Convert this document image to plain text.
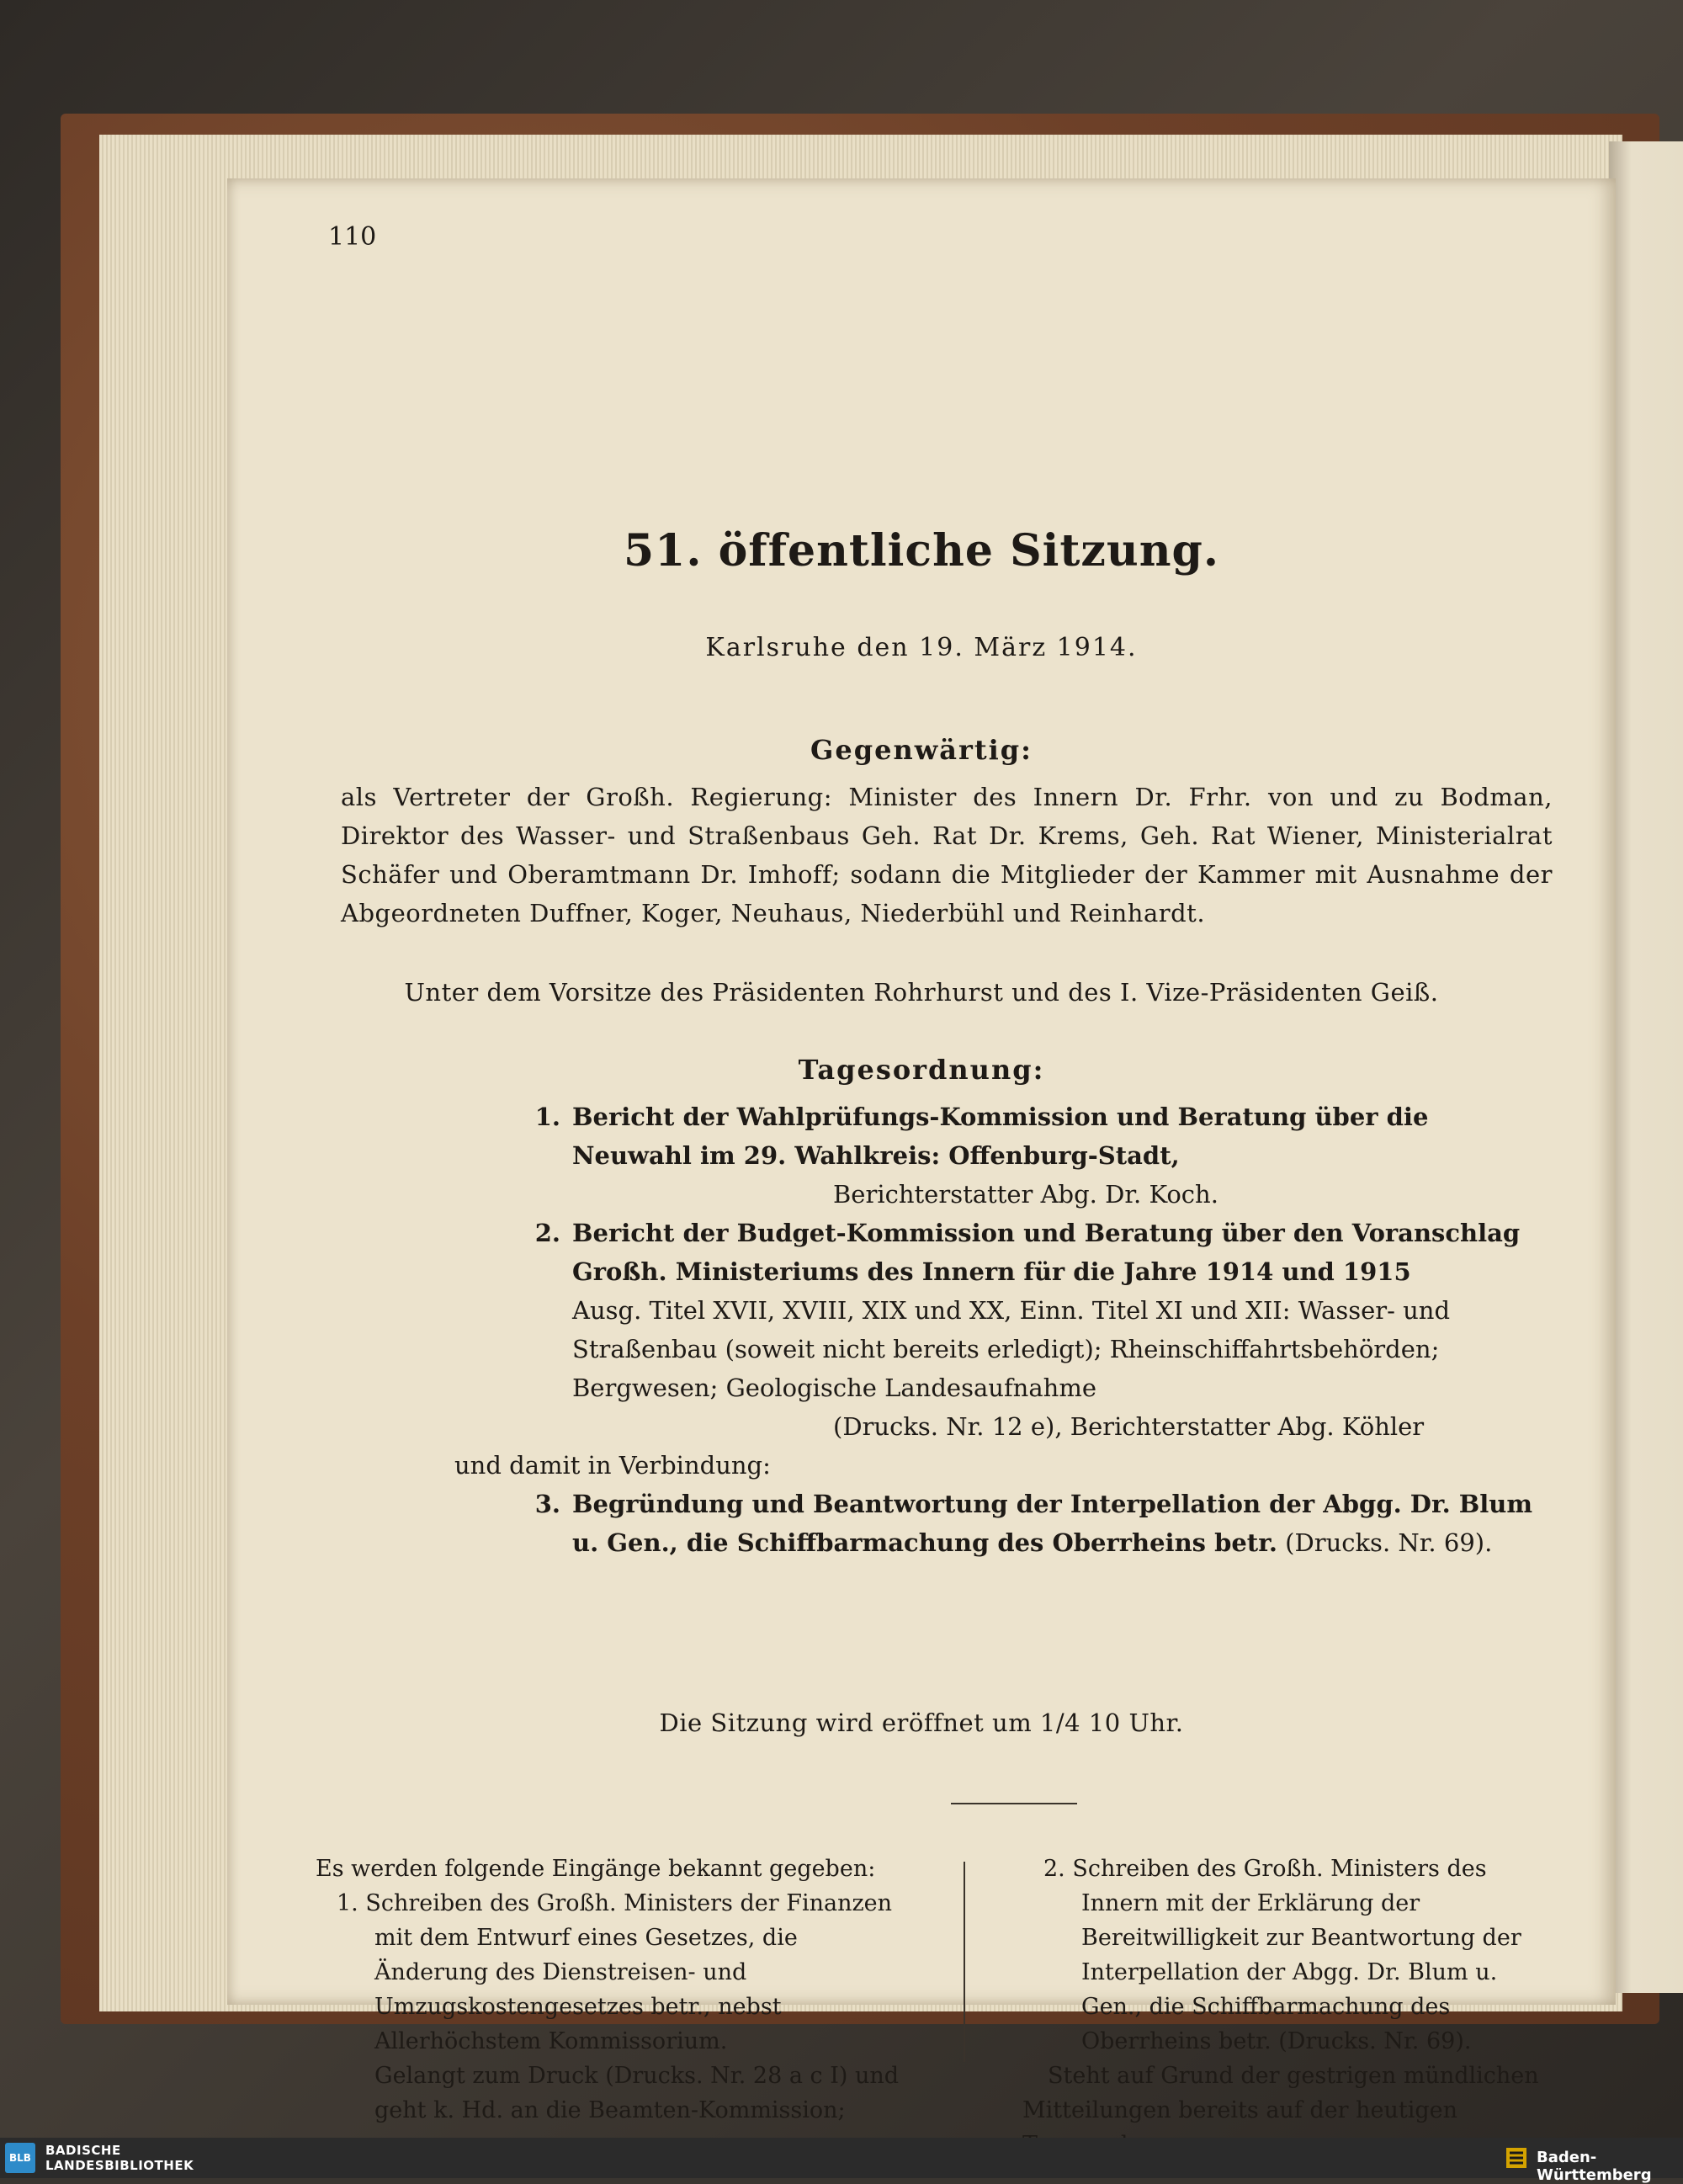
110
51. öffentliche Sitzung.
Karlsruhe den 19. März 1914.
Gegenwärtig:
als Vertreter der Großh. Regierung: Minister des Innern Dr. Frhr. von und zu Bodman, Direktor des Wasser- und Straßenbaus Geh. Rat Dr. Krems, Geh. Rat Wiener, Ministerialrat Schäfer und Oberamtmann Dr. Imhoff; sodann die Mitglieder der Kammer mit Ausnahme der Abgeordneten Duffner, Koger, Neuhaus, Niederbühl und Reinhardt.
Unter dem Vorsitze des Präsidenten Rohrhurst und des I. Vize-Präsidenten Geiß.
Tagesordnung:
1. Bericht der Wahlprüfungs-Kommission und Beratung über die Neuwahl im 29. Wahlkreis: Offenburg-Stadt,
Berichterstatter Abg. Dr. Koch.
2. Bericht der Budget-Kommission und Beratung über den Voranschlag Großh. Ministeriums des Innern für die Jahre 1914 und 1915
Ausg. Titel XVII, XVIII, XIX und XX, Einn. Titel XI und XII: Wasser- und Straßenbau (soweit nicht bereits erledigt); Rheinschiffahrtsbehörden; Bergwesen; Geologische Landesaufnahme
(Drucks. Nr. 12 e), Berichterstatter Abg. Köhler
und damit in Verbindung:
3. Begründung und Beantwortung der Interpellation der Abgg. Dr. Blum u. Gen., die Schiffbarmachung des Oberrheins betr. (Drucks. Nr. 69).
Die Sitzung wird eröffnet um 1/4 10 Uhr.
Es werden folgende Eingänge bekannt gegeben:
1. Schreiben des Großh. Ministers der Finanzen mit dem Entwurf eines Gesetzes, die Änderung des Dienstreisen- und Umzugskostengesetzes betr., nebst Allerhöchstem Kommissorium.
Gelangt zum Druck (Drucks. Nr. 28 a c I) und geht k. Hd. an die Beamten-Kommission;
2. Schreiben des Großh. Ministers des Innern mit der Erklärung der Bereitwilligkeit zur Beantwortung der Interpellation der Abgg. Dr. Blum u. Gen., die Schiffbarmachung des Oberrheins betr. (Drucks. Nr. 69).
Steht auf Grund der gestrigen mündlichen Mitteilungen bereits auf der heutigen
BLB	BADISCHE
LANDESBIBLIOTHEK	Baden-Württemberg
